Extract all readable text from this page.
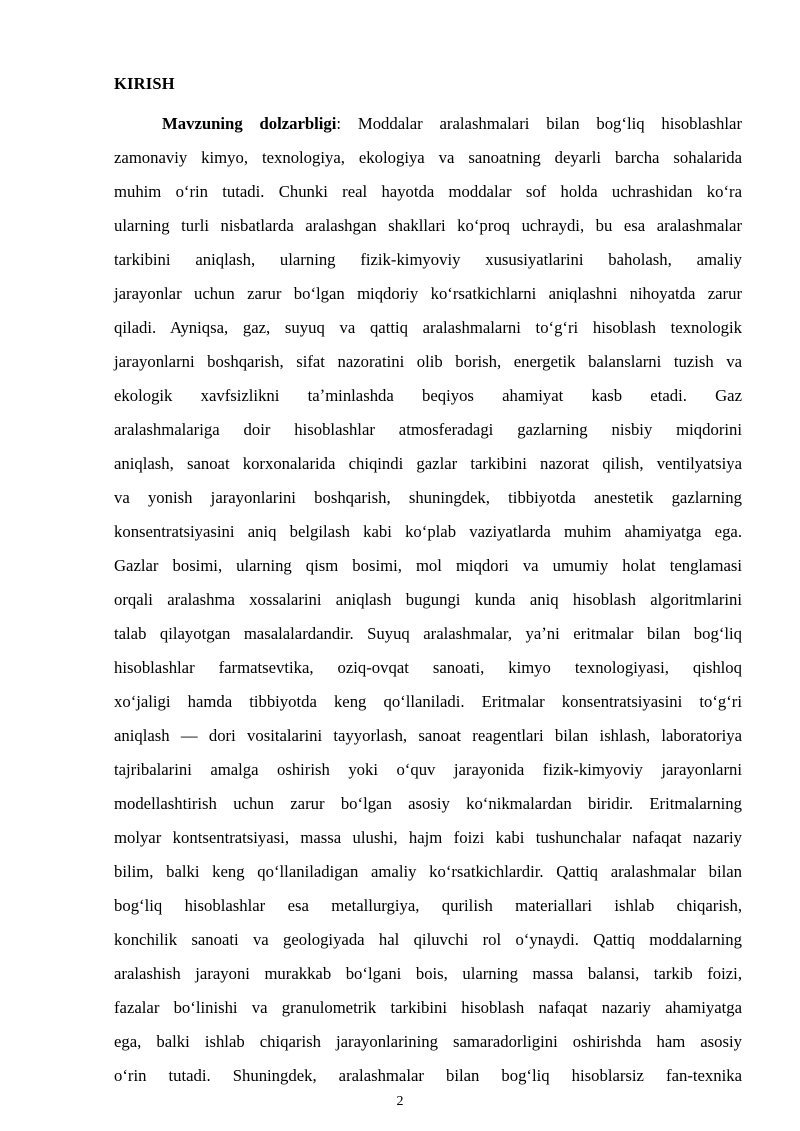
KIRISH
Mavzuning dolzarbligi: Moddalar aralashmalari bilan bogʻliq hisoblashlar
zamonaviy kimyo, texnologiya, ekologiya va sanoatning deyarli barcha sohalarida
muhim oʻrin tutadi. Chunki real hayotda moddalar sof holda uchrashidan koʻra
ularning turli nisbatlarda aralashgan shakllari koʻproq uchraydi, bu esa aralashmalar
tarkibini aniqlash, ularning fizik-kimyoviy xususiyatlarini baholash, amaliy
jarayonlar uchun zarur boʻlgan miqdoriy koʻrsatkichlarni aniqlashni nihoyatda zarur
qiladi. Ayniqsa, gaz, suyuq va qattiq aralashmalarni toʻgʻri hisoblash texnologik
jarayonlarni boshqarish, sifat nazoratini olib borish, energetik balanslarni tuzish va
ekologik xavfsizlikni taʼminlashda beqiyos ahamiyat kasb etadi. Gaz
aralashmalariga doir hisoblashlar atmosferadagi gazlarning nisbiy miqdorini
aniqlash, sanoat korxonalarida chiqindi gazlar tarkibini nazorat qilish, ventilyatsiya
va yonish jarayonlarini boshqarish, shuningdek, tibbiyotda anestetik gazlarning
konsentratsiyasini aniq belgilash kabi koʻplab vaziyatlarda muhim ahamiyatga ega.
Gazlar bosimi, ularning qism bosimi, mol miqdori va umumiy holat tenglamasi
orqali aralashma xossalarini aniqlash bugungi kunda aniq hisoblash algoritmlarini
talab qilayotgan masalalardandir. Suyuq aralashmalar, yaʼni eritmalar bilan bogʻliq
hisoblashlar farmatsevtika, oziq-ovqat sanoati, kimyo texnologiyasi, qishloq
xoʻjaligi hamda tibbiyotda keng qoʻllaniladi. Eritmalar konsentratsiyasini toʻgʻri
aniqlash — dori vositalarini tayyorlash, sanoat reagentlari bilan ishlash, laboratoriya
tajribalarini amalga oshirish yoki oʻquv jarayonida fizik-kimyoviy jarayonlarni
modellashtirish uchun zarur boʻlgan asosiy koʻnikmalardan biridir. Eritmalarning
molyar kontsentratsiyasi, massa ulushi, hajm foizi kabi tushunchalar nafaqat nazariy
bilim, balki keng qoʻllaniladigan amaliy koʻrsatkichlardir. Qattiq aralashmalar bilan
bogʻliq hisoblashlar esa metallurgiya, qurilish materiallari ishlab chiqarish,
konchilik sanoati va geologiyada hal qiluvchi rol oʻynaydi. Qattiq moddalarning
aralashish jarayoni murakkab boʻlgani bois, ularning massa balansi, tarkib foizi,
fazalar boʻlinishi va granulometrik tarkibini hisoblash nafaqat nazariy ahamiyatga
ega, balki ishlab chiqarish jarayonlarining samaradorligini oshirishda ham asosiy
oʻrin tutadi. Shuningdek, aralashmalar bilan bogʻliq hisoblarsiz fan-texnika
2
